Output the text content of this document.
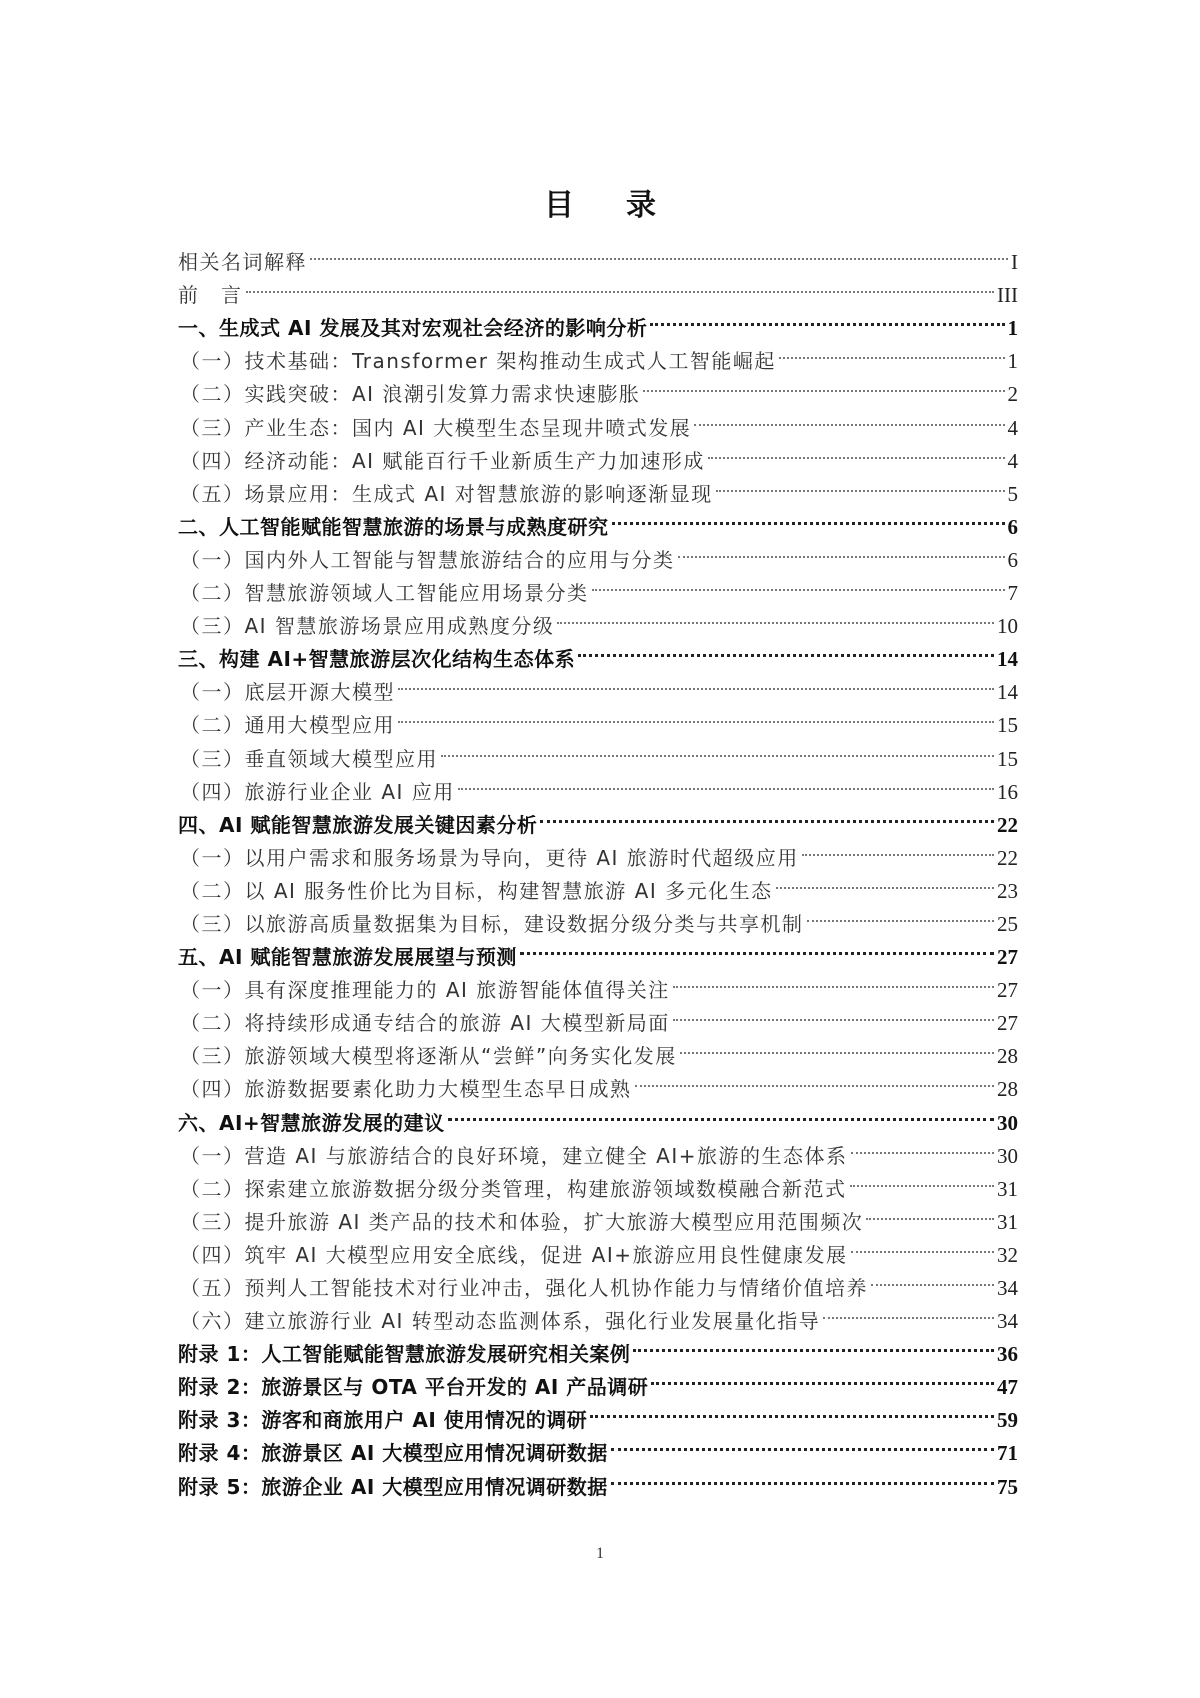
目录
相关名词解释	I
前　言	III
一、生成式 AI 发展及其对宏观社会经济的影响分析	1
（一）技术基础：Transformer 架构推动生成式人工智能崛起	1
（二）实践突破：AI 浪潮引发算力需求快速膨胀	2
（三）产业生态：国内 AI 大模型生态呈现井喷式发展	4
（四）经济动能：AI 赋能百行千业新质生产力加速形成	4
（五）场景应用：生成式 AI 对智慧旅游的影响逐渐显现	5
二、人工智能赋能智慧旅游的场景与成熟度研究	6
（一）国内外人工智能与智慧旅游结合的应用与分类	6
（二）智慧旅游领域人工智能应用场景分类	7
（三）AI 智慧旅游场景应用成熟度分级	10
三、构建 AI+智慧旅游层次化结构生态体系	14
（一）底层开源大模型	14
（二）通用大模型应用	15
（三）垂直领域大模型应用	15
（四）旅游行业企业 AI 应用	16
四、AI 赋能智慧旅游发展关键因素分析	22
（一）以用户需求和服务场景为导向，更待 AI 旅游时代超级应用	22
（二）以 AI 服务性价比为目标，构建智慧旅游 AI 多元化生态	23
（三）以旅游高质量数据集为目标，建设数据分级分类与共享机制	25
五、AI 赋能智慧旅游发展展望与预测	27
（一）具有深度推理能力的 AI 旅游智能体值得关注	27
（二）将持续形成通专结合的旅游 AI 大模型新局面	27
（三）旅游领域大模型将逐渐从“尝鲜”向务实化发展	28
（四）旅游数据要素化助力大模型生态早日成熟	28
六、AI+智慧旅游发展的建议	30
（一）营造 AI 与旅游结合的良好环境，建立健全 AI+旅游的生态体系	30
（二）探索建立旅游数据分级分类管理，构建旅游领域数模融合新范式	31
（三）提升旅游 AI 类产品的技术和体验，扩大旅游大模型应用范围频次	31
（四）筑牢 AI 大模型应用安全底线，促进 AI+旅游应用良性健康发展	32
（五）预判人工智能技术对行业冲击，强化人机协作能力与情绪价值培养	34
（六）建立旅游行业 AI 转型动态监测体系，强化行业发展量化指导	34
附录 1：人工智能赋能智慧旅游发展研究相关案例	36
附录 2：旅游景区与 OTA 平台开发的 AI 产品调研	47
附录 3：游客和商旅用户 AI 使用情况的调研	59
附录 4：旅游景区 AI 大模型应用情况调研数据	71
附录 5：旅游企业 AI 大模型应用情况调研数据	75
1
